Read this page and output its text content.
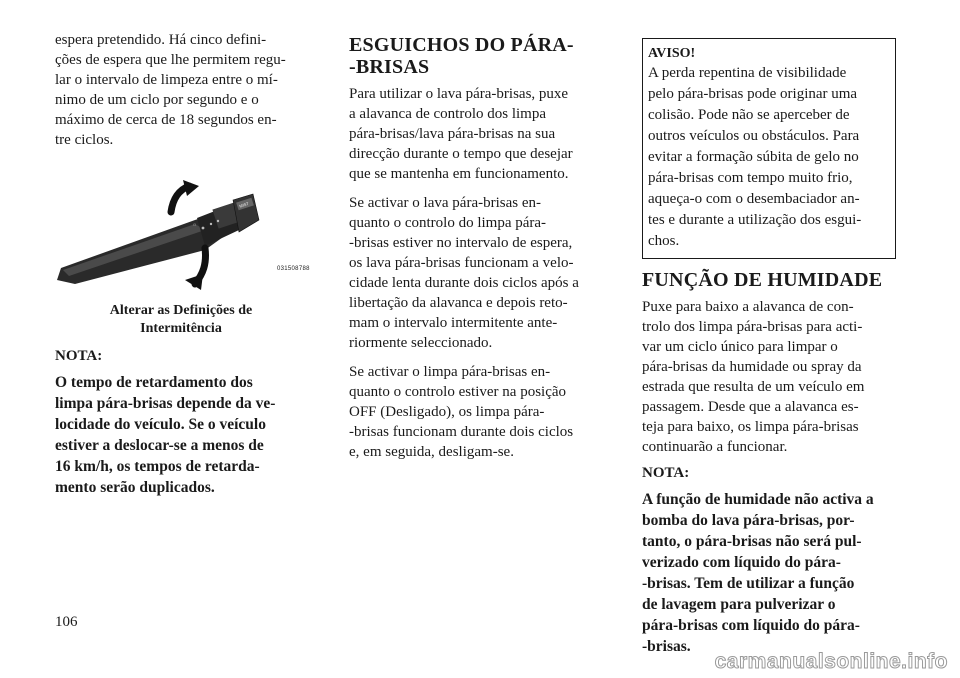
espera pretendido. Há cinco defini-
ções de espera que lhe permitem regu-
lar o intervalo de limpeza entre o mí-
nimo de um ciclo por segundo e o
máximo de cerca de 18 segundos en-
tre ciclos.
MIST
O
031508788
Alterar as Definições de
Intermitência
NOTA:
O tempo de retardamento dos
limpa pára-brisas depende da ve-
locidade do veículo. Se o veículo
estiver a deslocar-se a menos de
16 km/h, os tempos de retarda-
mento serão duplicados.
ESGUICHOS DO PÁRA-
-BRISAS
Para utilizar o lava pára-brisas, puxe
a alavanca de controlo dos limpa
pára-brisas/lava pára-brisas na sua
direcção durante o tempo que desejar
que se mantenha em funcionamento.
Se activar o lava pára-brisas en-
quanto o controlo do limpa pára-
-brisas estiver no intervalo de espera,
os lava pára-brisas funcionam a velo-
cidade lenta durante dois ciclos após a
libertação da alavanca e depois reto-
mam o intervalo intermitente ante-
riormente seleccionado.
Se activar o limpa pára-brisas en-
quanto o controlo estiver na posição
OFF (Desligado), os limpa pára-
-brisas funcionam durante dois ciclos
e, em seguida, desligam-se.
AVISO!
A perda repentina de visibilidade
pelo pára-brisas pode originar uma
colisão. Pode não se aperceber de
outros veículos ou obstáculos. Para
evitar a formação súbita de gelo no
pára-brisas com tempo muito frio,
aqueça-o com o desembaciador an-
tes e durante a utilização dos esgui-
chos.
FUNÇÃO DE HUMIDADE
Puxe para baixo a alavanca de con-
trolo dos limpa pára-brisas para acti-
var um ciclo único para limpar o
pára-brisas da humidade ou spray da
estrada que resulta de um veículo em
passagem. Desde que a alavanca es-
teja para baixo, os limpa pára-brisas
continuarão a funcionar.
NOTA:
A função de humidade não activa a
bomba do lava pára-brisas, por-
tanto, o pára-brisas não será pul-
verizado com líquido do pára-
-brisas. Tem de utilizar a função
de lavagem para pulverizar o
pára-brisas com líquido do pára-
-brisas.
106
carmanualsonline.info
